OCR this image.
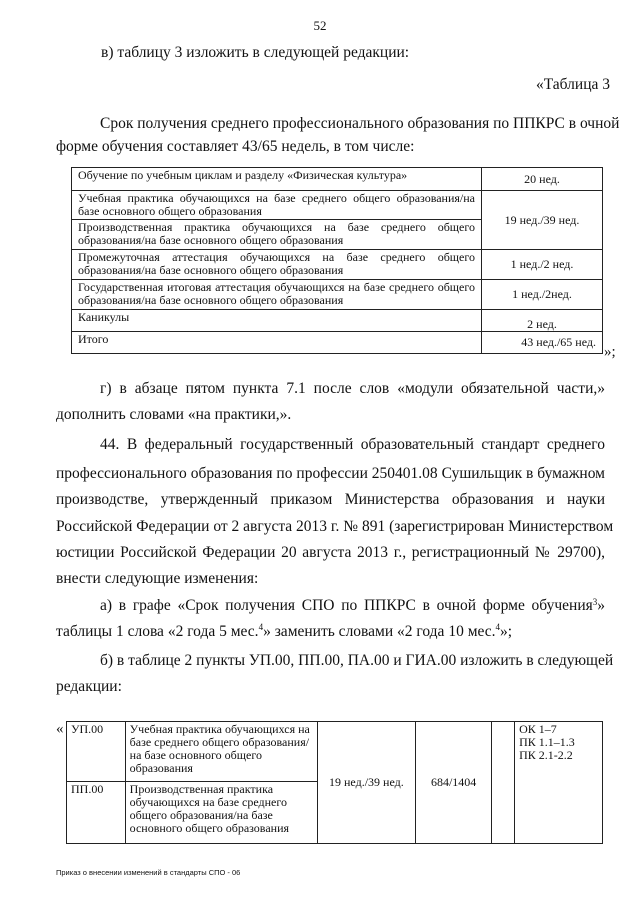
52
в) таблицу 3 изложить в следующей редакции:
«Таблица 3
Срок получения среднего профессионального образования по ППКРС в очной
форме обучения составляет 43/65 недель, в том числе:
Обучение по учебным циклам и разделу «Физическая культура»	20 нед.
Учебная практика обучающихся на базе среднего общего образования/на базе основного общего образования	19 нед./39 нед.
Производственная практика обучающихся на базе среднего общего образования/на базе основного общего образования	
Промежуточная аттестация обучающихся на базе среднего общего образования/на базе основного общего образования	1 нед./2 нед.
Государственная итоговая аттестация обучающихся на базе среднего общего образования/на базе основного общего образования	1 нед./2нед.
Каникулы	2 нед.
Итого	43 нед./65 нед.
»;
г) в абзаце пятом пункта 7.1 после слов «модули обязательной части,»
дополнить словами «на практики,».
44. В федеральный государственный образовательный стандарт среднего
профессионального образования по профессии 250401.08 Сушильщик в бумажном
производстве, утвержденный приказом Министерства образования и науки
Российской Федерации от 2 августа 2013 г. № 891 (зарегистрирован Министерством
юстиции Российской Федерации 20 августа 2013 г., регистрационный № 29700),
внести следующие изменения:
а) в графе «Срок получения СПО по ППКРС в очной форме обучения 3 »
таблицы 1 слова «2 года 5 мес.$^4$» заменить словами «2 года 10 мес.$^4$»;
б) в таблице 2 пункты УП.00, ПП.00, ПА.00 и ГИА.00 изложить в следующей
редакции:
« УП.00	Учебная практика обучающихся на базе среднего общего образования/на базе основного общего образования	19 нед./39 нед.	684/1404		ОК 1–7
ПК 1.1–1.3
ПК 2.1-2.2

ПП.00	Производственная практика обучающихся на базе среднего общего образования/на базе основного общего образования				
Приказ о внесении изменений в стандарты СПО - 06
